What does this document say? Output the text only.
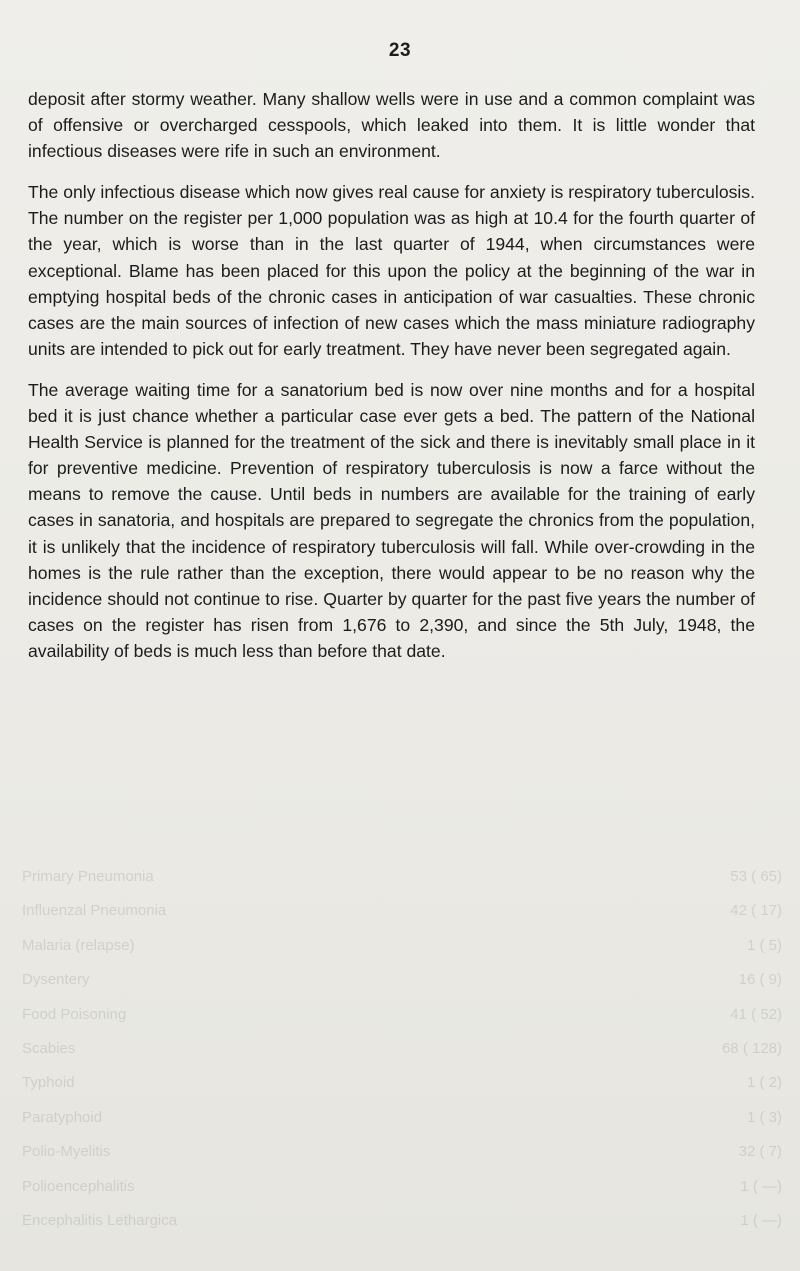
23

deposit after stormy weather. Many shallow wells were in use and a common complaint was of offensive or overcharged cesspools, which leaked into them. It is little wonder that infectious diseases were rife in such an environment.

The only infectious disease which now gives real cause for anxiety is respiratory tuberculosis. The number on the register per 1,000 population was as high at 10.4 for the fourth quarter of the year, which is worse than in the last quarter of 1944, when circumstances were exceptional. Blame has been placed for this upon the policy at the beginning of the war in emptying hospital beds of the chronic cases in anticipation of war casualties. These chronic cases are the main sources of infection of new cases which the mass miniature radiography units are intended to pick out for early treatment. They have never been segregated again.

The average waiting time for a sanatorium bed is now over nine months and for a hospital bed it is just chance whether a particular case ever gets a bed. The pattern of the National Health Service is planned for the treatment of the sick and there is inevitably small place in it for preventive medicine. Prevention of respiratory tuberculosis is now a farce without the means to remove the cause. Until beds in numbers are available for the training of early cases in sanatoria, and hospitals are prepared to segregate the chronics from the population, it is unlikely that the incidence of respiratory tuberculosis will fall. While over-crowding in the homes is the rule rather than the exception, there would appear to be no reason why the incidence should not continue to rise. Quarter by quarter for the past five years the number of cases on the register has risen from 1,676 to 2,390, and since the 5th July, 1948, the availability of beds is much less than before that date.

Primary Pneumonia	53 ( 65)
Influenzal Pneumonia	42 ( 17)
Malaria (relapse)	1 ( 5)
Dysentery	16 ( 9)
Food Poisoning	41 ( 52)
Scabies	68 ( 128)
Typhoid	1 ( 2)
Paratyphoid	1 ( 3)
Polio-Myelitis	32 ( 7)
Polioencephalitis	1 ( —)
Encephalitis Lethargica	1 ( —)
